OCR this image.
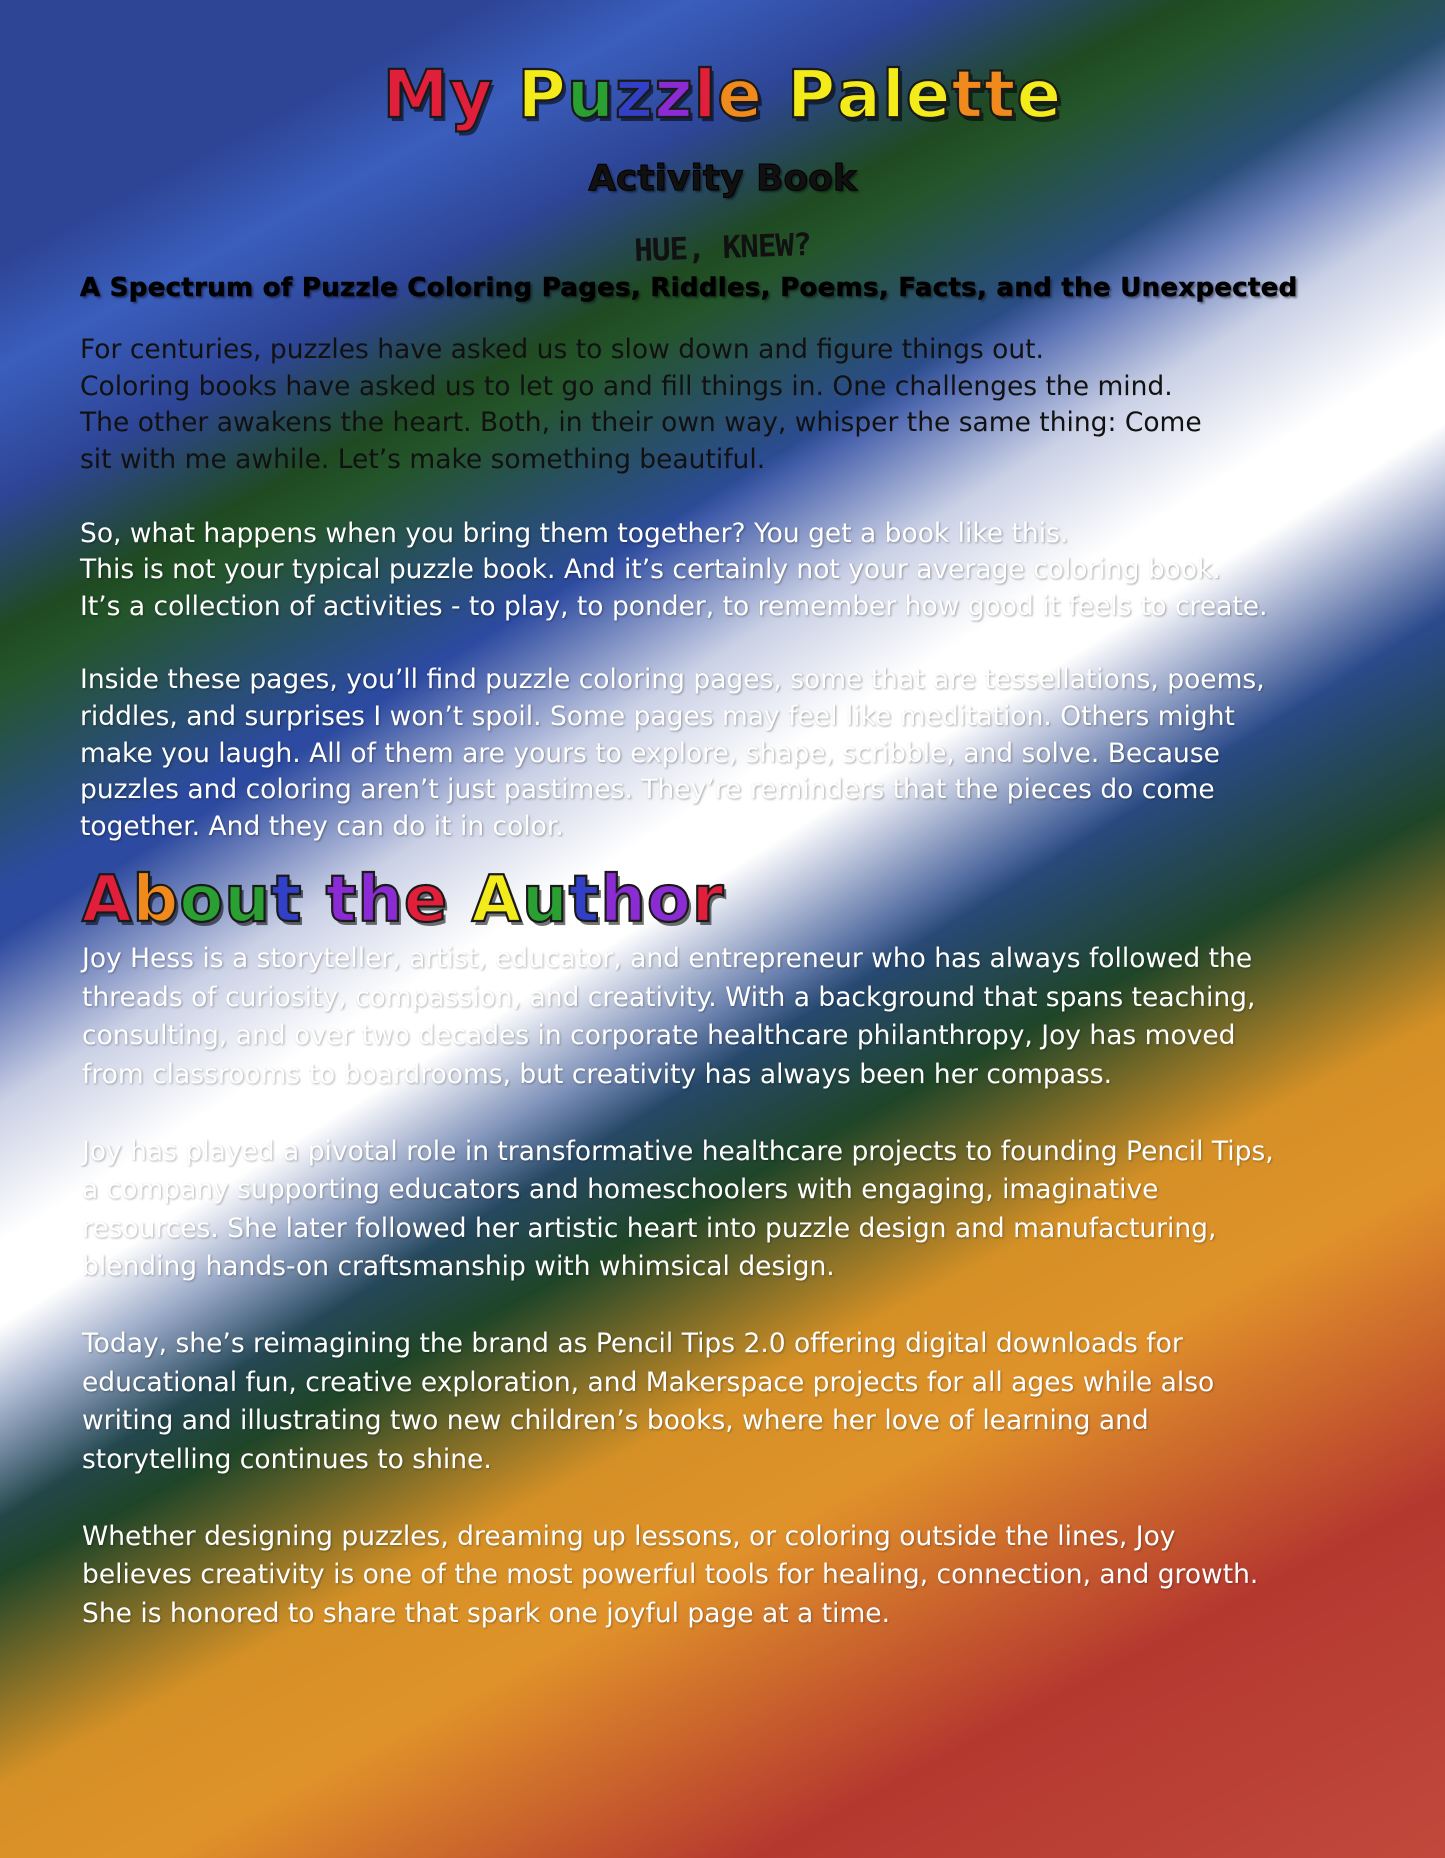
My Puzzle Palette
Activity Book
HUE, KNEW?
A Spectrum of Puzzle Coloring Pages, Riddles, Poems, Facts, and the Unexpected

For centuries, puzzles have asked us to slow down and figure things out.
Coloring books have asked us to let go and fill things in. One challenges the mind.
The other awakens the heart. Both, in their own way, whisper the same thing: Come
sit with me awhile. Let’s make something beautiful.

So, what happens when you bring them together? You get a book like this.
This is not your typical puzzle book. And it’s certainly not your average coloring book.
It’s a collection of activities - to play, to ponder, to remember how good it feels to create.

Inside these pages, you’ll find puzzle coloring pages, some that are tessellations, poems,
riddles, and surprises I won’t spoil. Some pages may feel like meditation. Others might
make you laugh. All of them are yours to explore, shape, scribble, and solve. Because
puzzles and coloring aren’t just pastimes. They’re reminders that the pieces do come
together. And they can do it in color.

About the Author

Joy Hess is a storyteller, artist, educator, and entrepreneur who has always followed the
threads of curiosity, compassion, and creativity. With a background that spans teaching,
consulting, and over two decades in corporate healthcare philanthropy, Joy has moved
from classrooms to boardrooms, but creativity has always been her compass.

Joy has played a pivotal role in transformative healthcare projects to founding Pencil Tips,
a company supporting educators and homeschoolers with engaging, imaginative
resources. She later followed her artistic heart into puzzle design and manufacturing,
blending hands-on craftsmanship with whimsical design.

Today, she’s reimagining the brand as Pencil Tips 2.0 offering digital downloads for
educational fun, creative exploration, and Makerspace projects for all ages while also
writing and illustrating two new children’s books, where her love of learning and
storytelling continues to shine.

Whether designing puzzles, dreaming up lessons, or coloring outside the lines, Joy
believes creativity is one of the most powerful tools for healing, connection, and growth.
She is honored to share that spark one joyful page at a time.
